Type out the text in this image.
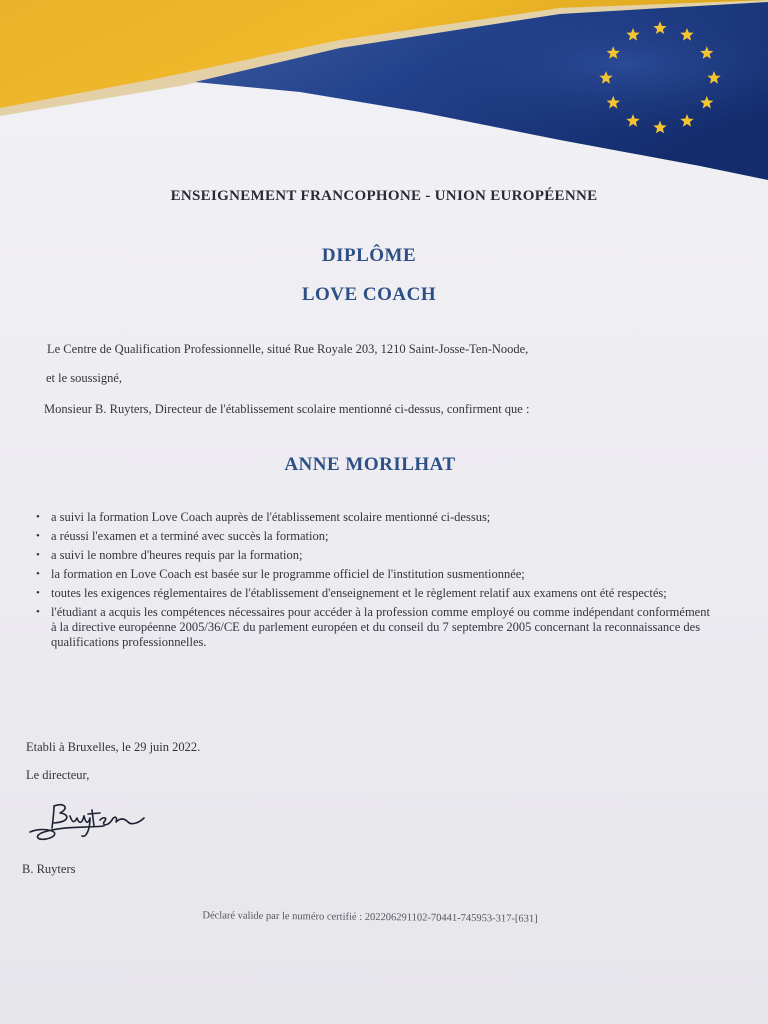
ENSEIGNEMENT FRANCOPHONE - UNION EUROPÉENNE
DIPLÔME
LOVE COACH
Le Centre de Qualification Professionnelle, situé Rue Royale 203, 1210 Saint-Josse-Ten-Noode,
et le soussigné,
Monsieur B. Ruyters, Directeur de l'établissement scolaire mentionné ci-dessus, confirment que :
ANNE MORILHAT
• a suivi la formation Love Coach auprès de l'établissement scolaire mentionné ci-dessus;
• a réussi l'examen et a terminé avec succès la formation;
• a suivi le nombre d'heures requis par la formation;
• la formation en Love Coach est basée sur le programme officiel de l'institution susmentionnée;
• toutes les exigences réglementaires de l'établissement d'enseignement et le règlement relatif aux examens ont été respectés;
• l'étudiant a acquis les compétences nécessaires pour accéder à la profession comme employé ou comme indépendant conformément à la directive européenne 2005/36/CE du parlement européen et du conseil du 7 septembre 2005 concernant la reconnaissance des qualifications professionnelles.
Etabli à Bruxelles, le 29 juin 2022.
Le directeur,
B. Ruyters
Déclaré valide par le numéro certifié : 202206291102-70441-745953-317-[631]
